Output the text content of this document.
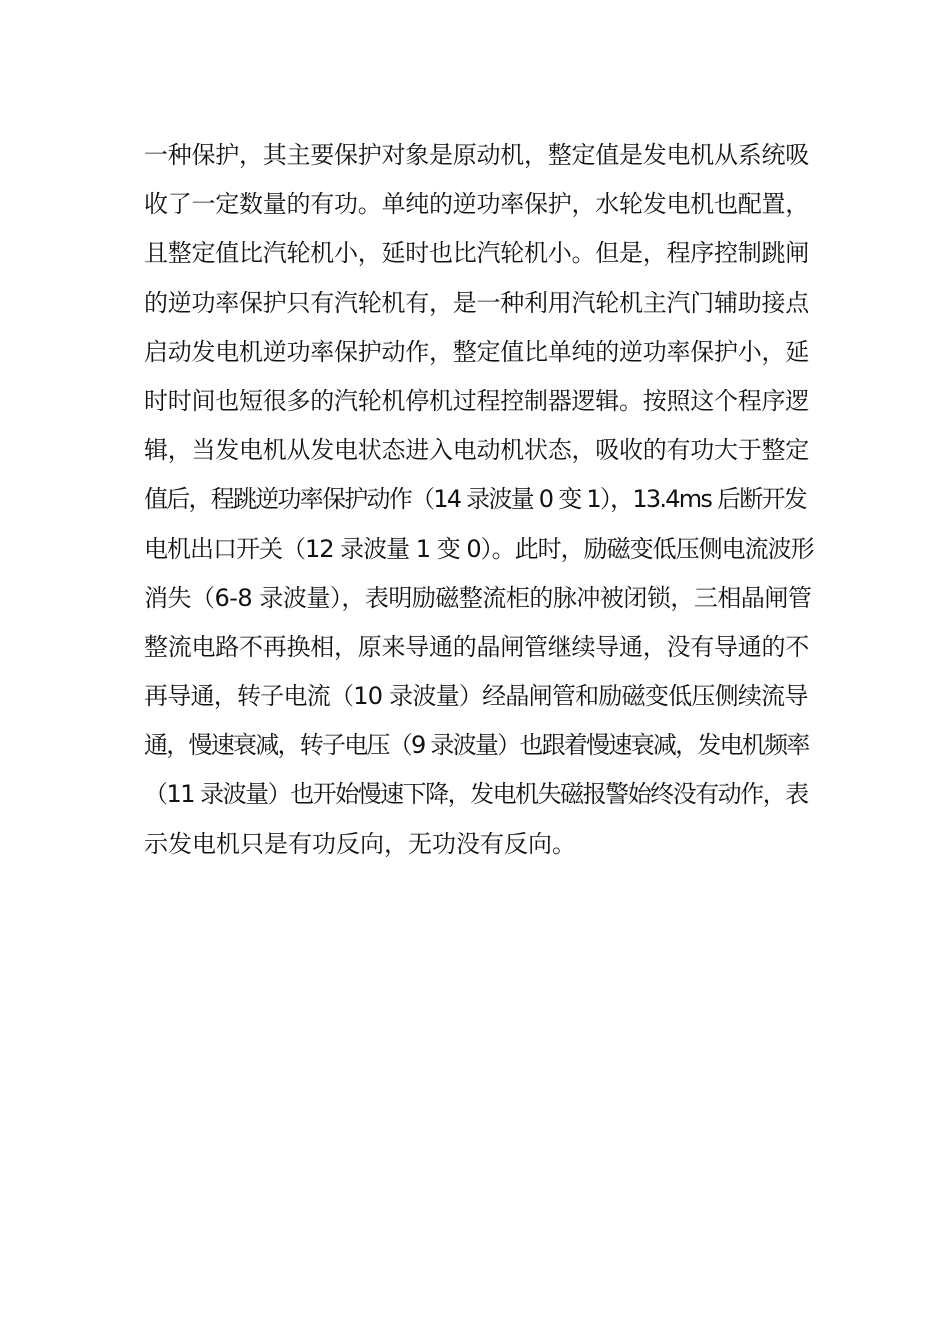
一种保护，其主要保护对象是原动机，整定值是发电机从系统吸
收了一定数量的有功。单纯的逆功率保护，水轮发电机也配置，
且整定值比汽轮机小，延时也比汽轮机小。但是，程序控制跳闸
的逆功率保护只有汽轮机有，是一种利用汽轮机主汽门辅助接点
启动发电机逆功率保护动作，整定值比单纯的逆功率保护小，延
时时间也短很多的汽轮机停机过程控制器逻辑。按照这个程序逻
辑，当发电机从发电状态进入电动机状态，吸收的有功大于整定
值后，程跳逆功率保护动作（14 录波量 0 变 1），13.4ms 后断开发
电机出口开关（12 录波量 1 变 0）。此时，励磁变低压侧电流波形
消失（6-8 录波量），表明励磁整流柜的脉冲被闭锁，三相晶闸管
整流电路不再换相，原来导通的晶闸管继续导通，没有导通的不
再导通，转子电流（10 录波量）经晶闸管和励磁变低压侧续流导
通，慢速衰减，转子电压（9 录波量）也跟着慢速衰减，发电机频率
（11 录波量）也开始慢速下降，发电机失磁报警始终没有动作，表
示发电机只是有功反向，无功没有反向。
